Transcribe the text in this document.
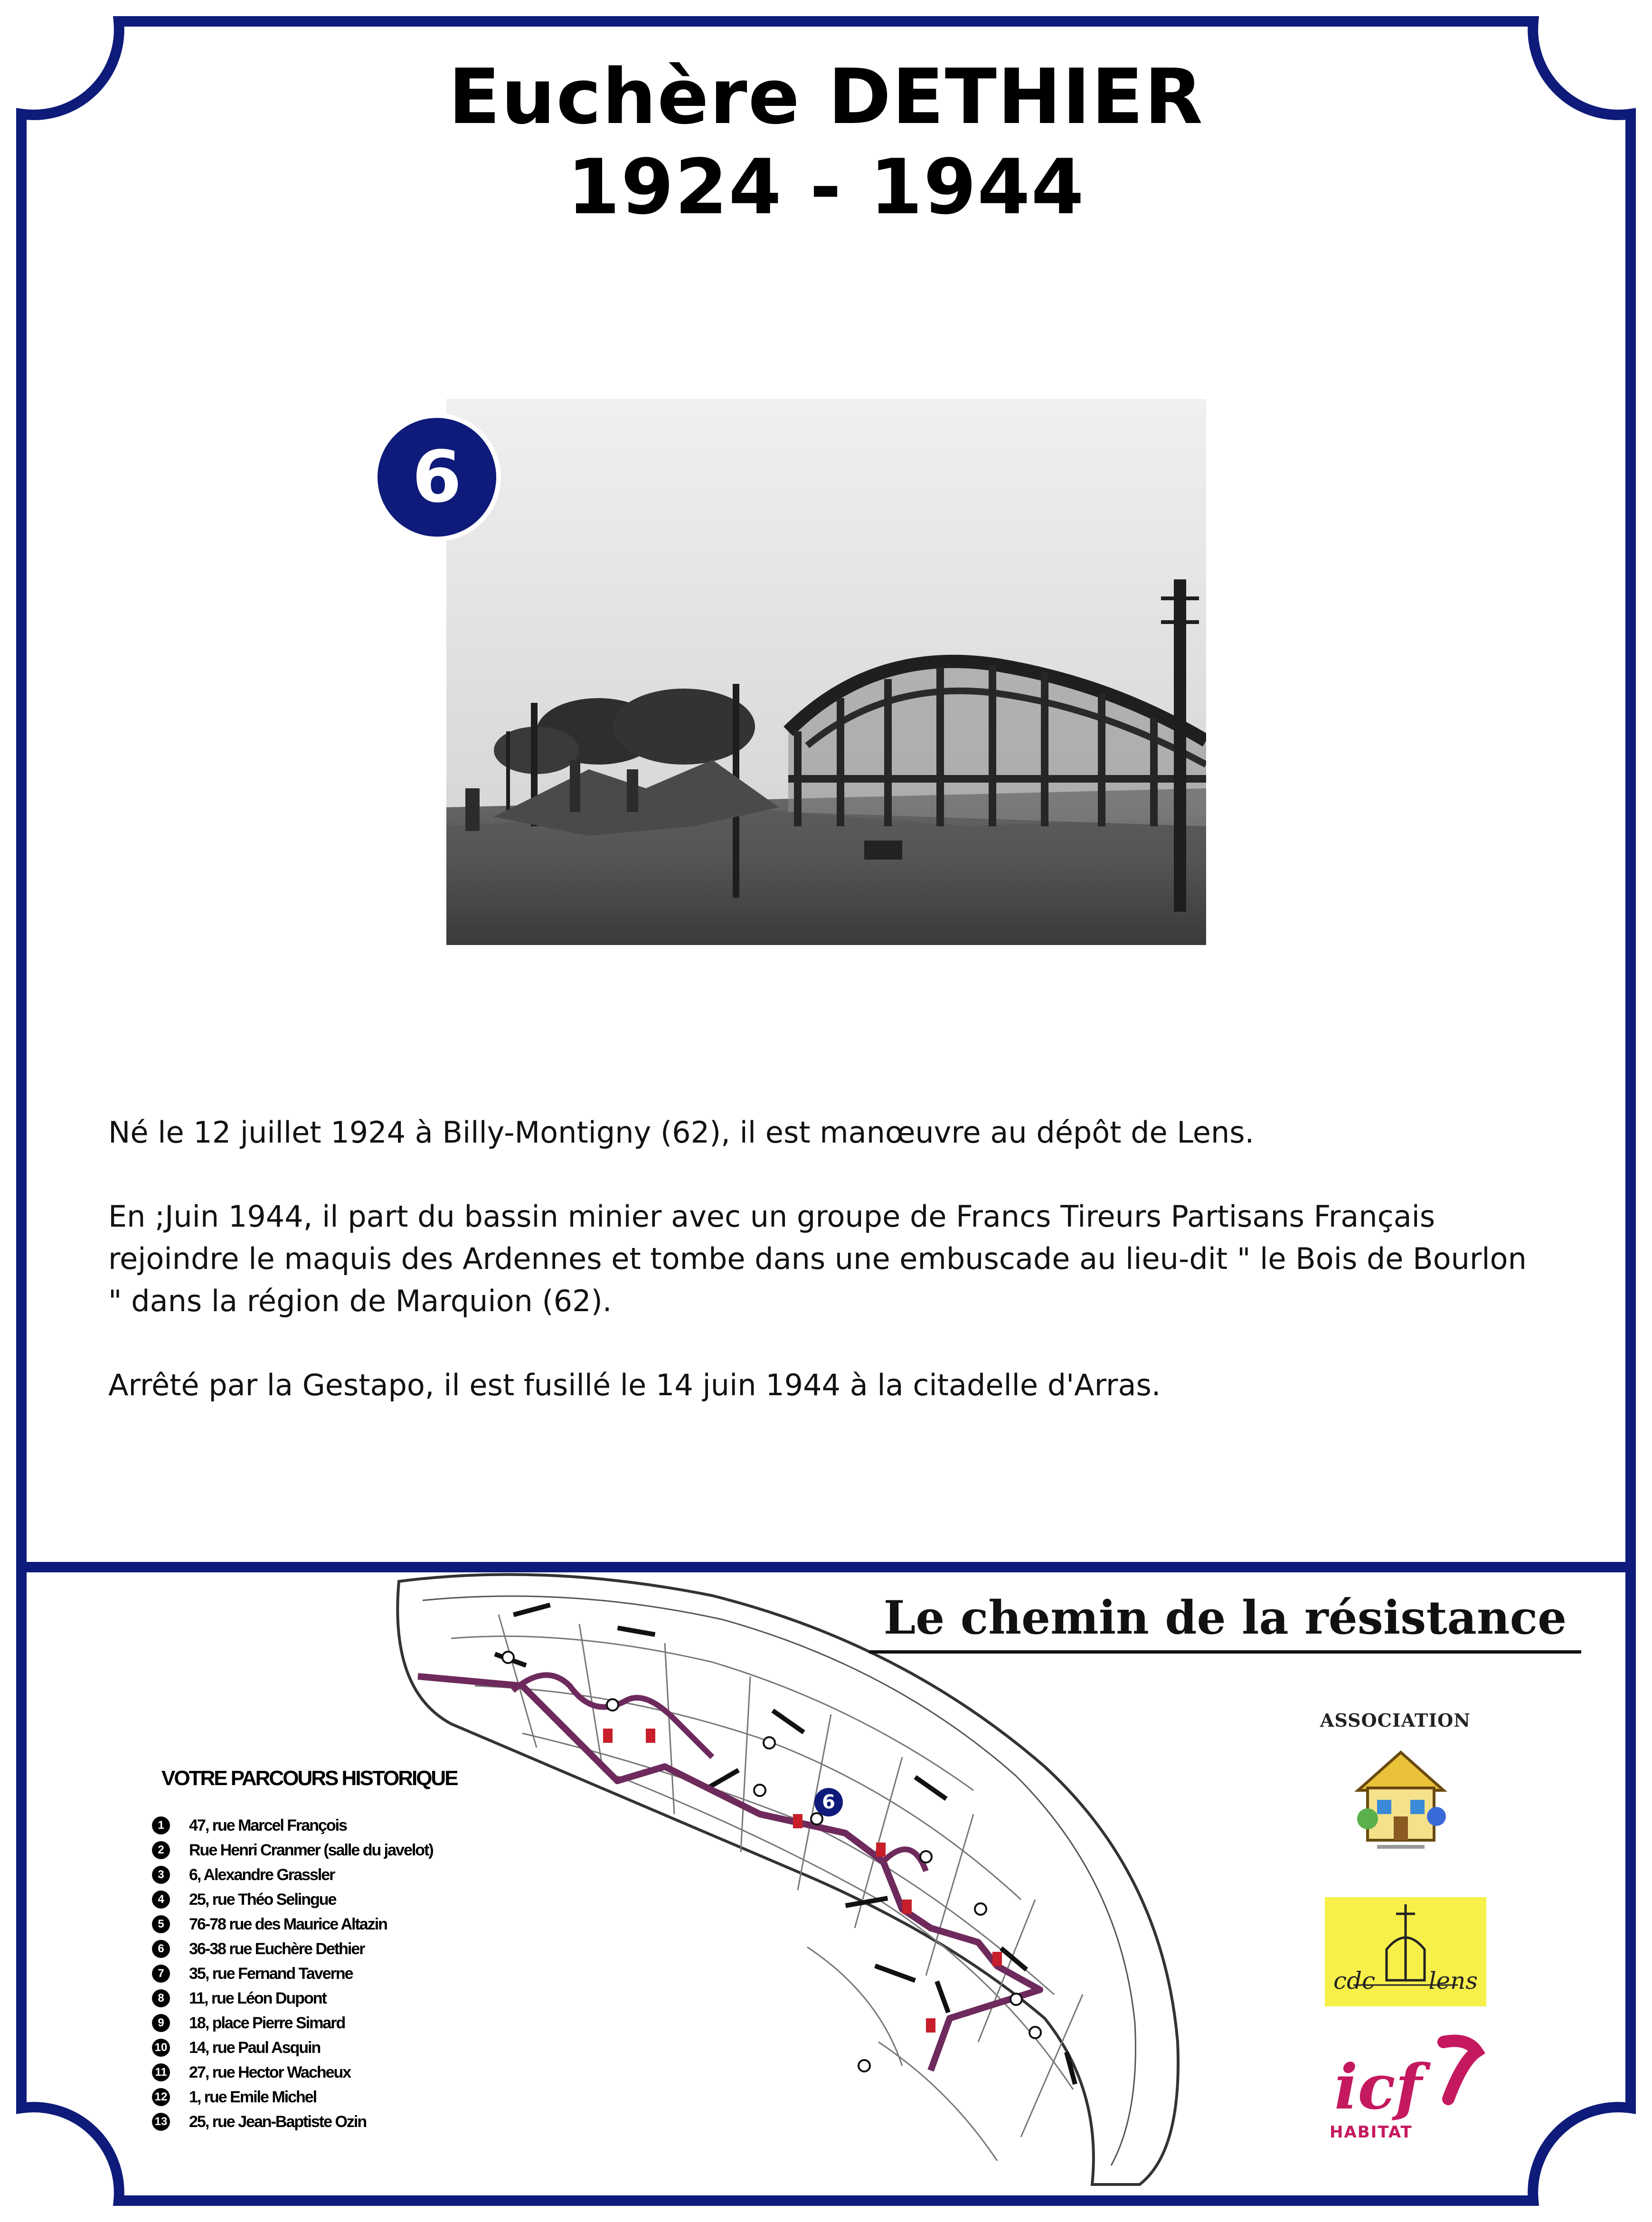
Euchère DETHIER
1924 - 1944
6

Né le 12 juillet 1924 à Billy-Montigny (62), il est manœuvre au dépôt de Lens.

En ;Juin 1944, il part du bassin minier avec un groupe de Francs Tireurs Partisans Français rejoindre le maquis des Ardennes et tombe dans une embuscade au lieu-dit " le Bois de Bourlon " dans la région de Marquion (62).

Arrêté par la Gestapo, il est fusillé le 14 juin 1944 à la citadelle d'Arras.

6
Le chemin de la résistance
VOTRE PARCOURS HISTORIQUE
1	47, rue Marcel François
2	Rue Henri Cranmer (salle du javelot)
3	6, Alexandre Grassler
4	25, rue Théo Selingue
5	76-78 rue des Maurice Altazin
6	36-38 rue Euchère Dethier
7	35, rue Fernand Taverne
8	11, rue Léon Dupont
9	18, place Pierre Simard
10 14, rue Paul Asquin
11 27, rue Hector Wacheux
12 1, rue Emile Michel
13 25, rue Jean-Baptiste Ozin
ASSOCIATION
cdc lens
icf
HABITAT
